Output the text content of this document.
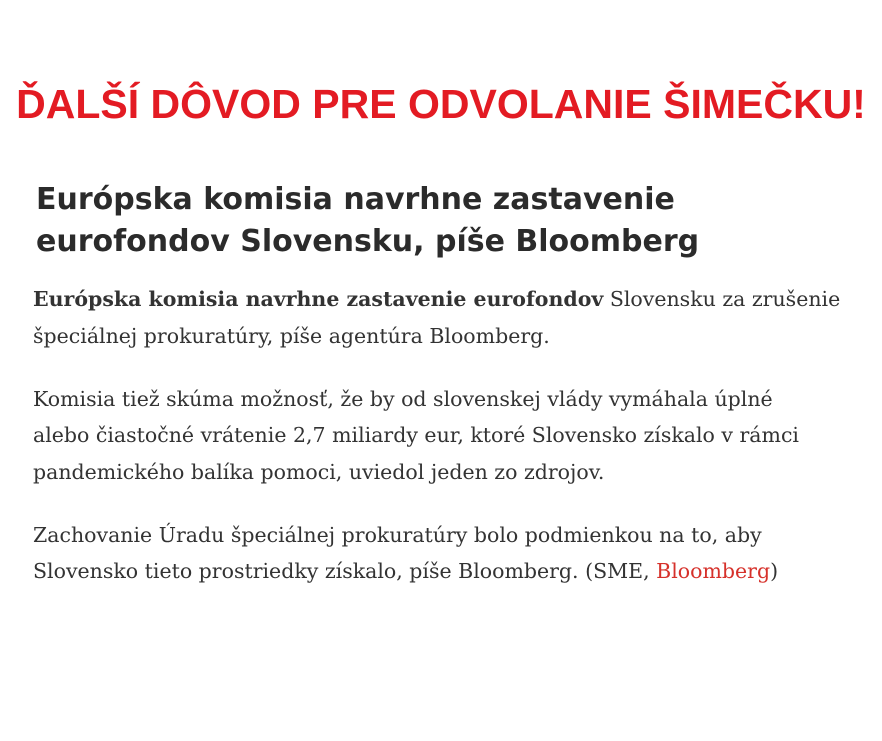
ĎALŠÍ DÔVOD PRE ODVOLANIE ŠIMEČKU!
Európska komisia navrhne zastavenie eurofondov Slovensku, píše Bloomberg

Európska komisia navrhne zastavenie eurofondov Slovensku za zrušenie
špeciálnej prokuratúry, píše agentúra Bloomberg.

Komisia tiež skúma možnosť, že by od slovenskej vlády vymáhala úplné
alebo čiastočné vrátenie 2,7 miliardy eur, ktoré Slovensko získalo v rámci
pandemického balíka pomoci, uviedol jeden zo zdrojov.

Zachovanie Úradu špeciálnej prokuratúry bolo podmienkou na to, aby
Slovensko tieto prostriedky získalo, píše Bloomberg. (SME, Bloomberg)
